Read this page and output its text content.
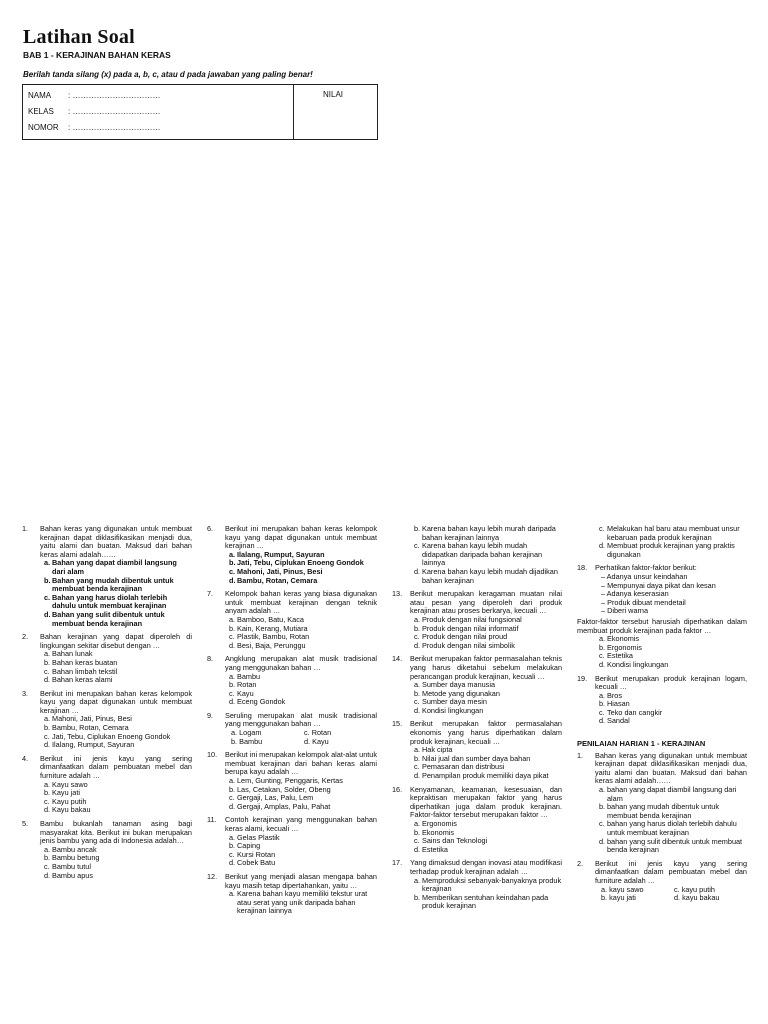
Latihan Soal
BAB 1 - KERAJINAN BAHAN KERAS
Berilah tanda silang (x) pada a, b, c, atau d pada jawaban yang paling benar!
NAMA : ……………………………
KELAS : ……………………………
NOMOR : ……………………………
NILAI
1. Bahan keras yang digunakan untuk membuat kerajinan dapat diklasifikasikan menjadi dua, yaitu alami dan buatan. Maksud dari bahan keras alami adalah……
a. Bahan yang dapat diambil langsung dari alam
b. Bahan yang mudah dibentuk untuk membuat benda kerajinan
c. Bahan yang harus diolah terlebih dahulu untuk membuat kerajinan
d. Bahan yang sulit dibentuk untuk membuat benda kerajinan
2. Bahan kerajinan yang dapat diperoleh di lingkungan sekitar disebut dengan …
a. Bahan lunak
b. Bahan keras buatan
c. Bahan limbah tekstil
d. Bahan keras alami
3. Berikut ini merupakan bahan keras kelompok kayu yang dapat digunakan untuk membuat kerajinan …
a. Mahoni, Jati, Pinus, Besi
b. Bambu, Rotan, Cemara
c. Jati, Tebu, Ciplukan Enoeng Gondok
d. Ilalang, Rumput, Sayuran
4. Berikut ini jenis kayu yang sering dimanfaatkan dalam pembuatan mebel dan furniture adalah …
a. Kayu sawo
b. Kayu jati
c. Kayu putih
d. Kayu bakau
5. Bambu bukanlah tanaman asing bagi masyarakat kita. Berikut ini bukan merupakan jenis bambu yang ada di Indonesia adalah…
a. Bambu ancak
b. Bambu betung
c. Bambu tutul
d. Bambu apus
6. Berikut ini merupakan bahan keras kelompok kayu yang dapat digunakan untuk membuat kerajinan …
a. Ilalang, Rumput, Sayuran
b. Jati, Tebu, Ciplukan Enoeng Gondok
c. Mahoni, Jati, Pinus, Besi
d. Bambu, Rotan, Cemara
7. Kelompok bahan keras yang biasa digunakan untuk membuat kerajinan dengan teknik anyam adalah …
a. Bamboo, Batu, Kaca
b. Kain, Kerang, Mutiara
c. Plastik, Bambu, Rotan
d. Besi, Baja, Perunggu
8. Angklung merupakan alat musik tradisional yang menggunakan bahan …
a. Bambu
b. Rotan
c. Kayu
d. Eceng Gondok
9. Seruling merupakan alat musik tradisional yang menggunakan bahan …
a. Logam	c. Rotan
b. Bambu	d. Kayu
10. Berikut ini merupakan kelompok alat-alat untuk membuat kerajinan dari bahan keras alami berupa kayu adalah …
a. Lem, Gunting, Penggaris, Kertas
b. Las, Cetakan, Solder, Obeng
c. Gergaji, Las, Palu, Lem
d. Gergaji, Amplas, Palu, Pahat
11. Contoh kerajinan yang menggunakan bahan keras alami, kecuali …
a. Gelas Plastik
b. Caping
c. Kursi Rotan
d. Cobek Batu
12. Berikut yang menjadi alasan mengapa bahan kayu masih tetap dipertahankan, yaitu …
a. Karena bahan kayu memiliki tekstur urat atau serat yang unik daripada bahan kerajinan lainnya
b. Karena bahan kayu lebih murah daripada bahan kerajinan lainnya
c. Karena bahan kayu lebih mudah didapatkan daripada bahan kerajinan lainnya
d. Karena bahan kayu lebih mudah dijadikan bahan kerajinan
13. Berikut merupakan keragaman muatan nilai atau pesan yang diperoleh dari produk kerajinan atau proses berkarya, kecuali …
a. Produk dengan nilai fungsional
b. Produk dengan nilai informatif
c. Produk dengan nilai proud
d. Produk dengan nilai simbolik
14. Berikut merupakan faktor permasalahan teknis yang harus diketahui sebelum melakukan perancangan produk kerajinan, kecuali …
a. Sumber daya manusia
b. Metode yang digunakan
c. Sumber daya mesin
d. Kondisi lingkungan
15. Berikut merupakan faktor permasalahan ekonomis yang harus diperhatikan dalam produk kerajinan, kecuali …
a. Hak cipta
b. Nilai jual dan sumber daya bahan
c. Pemasaran dan distribusi
d. Penampilan produk memiliki daya pikat
16. Kenyamanan, keamanan, kesesuaian, dan kepraktisan merupakan faktor yang harus diperhatikan juga dalam produk kerajinan. Faktor-faktor tersebut merupakan faktor …
a. Ergonomis
b. Ekonomis
c. Sains dan Teknologi
d. Estetika
17. Yang dimaksud dengan inovasi atau modifikasi terhadap produk kerajinan adalah …
a. Memproduksi sebanyak-banyaknya produk kerajinan
b. Memberikan sentuhan keindahan pada produk kerajinan
c. Melakukan hal baru atau membuat unsur kebaruan pada produk kerajinan
d. Membuat produk kerajinan yang praktis digunakan
18. Perhatikan faktor-faktor berikut:
– Adanya unsur keindahan
– Mempunyai daya pikat dan kesan
– Adanya keserasian
– Produk dibuat mendetail
– Diberi warna
Faktor-faktor tersebut harusiah diperhatikan dalam membuat produk kerajinan pada faktor …
a. Ekonomis
b. Ergonomis
c. Estetika
d. Kondisi lingkungan
19. Berikut merupakan produk kerajinan logam, kecuali …
a. Bros
b. Hiasan
c. Teko dan cangkir
d. Sandal
PENILAIAN HARIAN 1 - KERAJINAN
1. Bahan keras yang digunakan untuk membuat kerajinan dapat diklasifikasikan menjadi dua, yaitu alami dan buatan. Maksud dari bahan keras alami adalah……
a. bahan yang dapat diambil langsung dari alam
b. bahan yang mudah dibentuk untuk membuat benda kerajinan
c. bahan yang harus diolah terlebih dahulu untuk membuat kerajinan
d. bahan yang sulit dibentuk untuk membuat benda kerajinan
2. Berikut ini jenis kayu yang sering dimanfaatkan dalam pembuatan mebel dan furniture adalah …
a. kayu sawo	c. kayu putih
b. kayu jati	d. kayu bakau
